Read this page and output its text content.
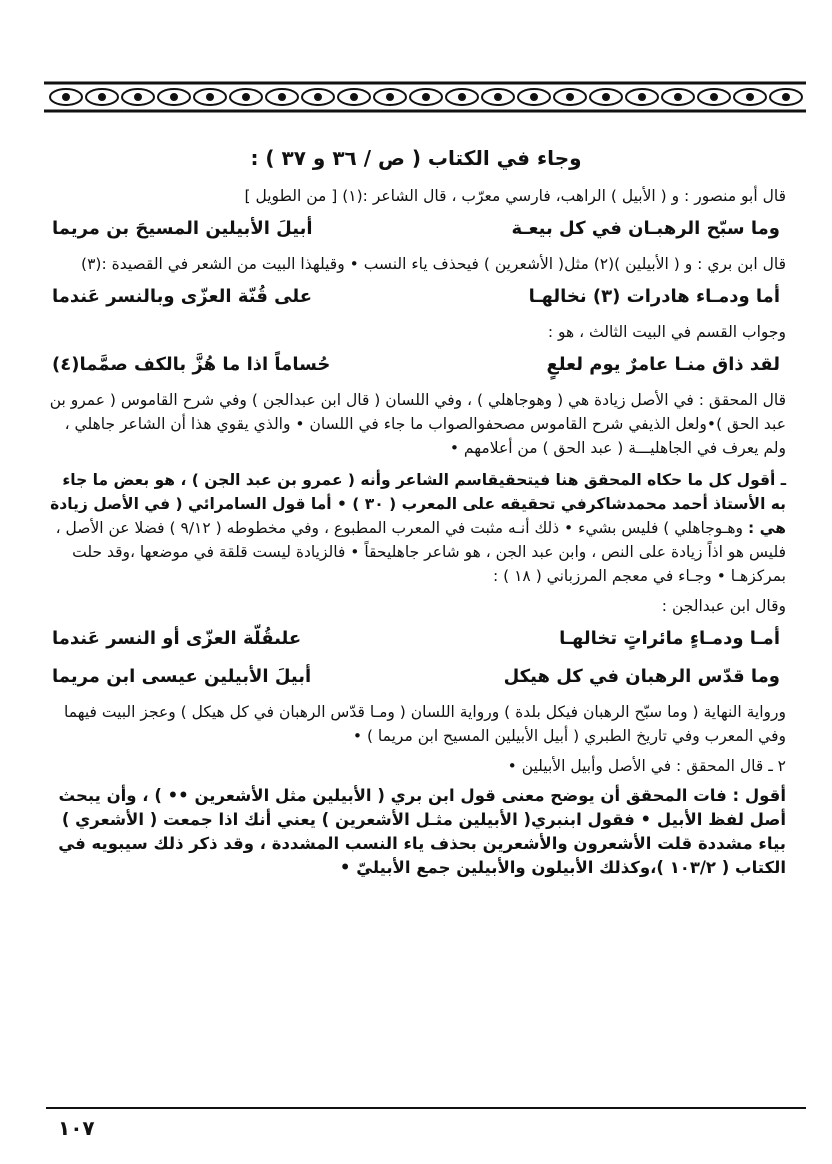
وجاء في الكتاب ( ص / ٣٦ و ٣٧ ) :

قال أبو منصور : و ( الأبيل ) الراهب، فارسي معرّب ، قال الشاعر :(١) [ من الطويل ]

وما سبّح الرهبـان في كل بيعـة
أبيلَ الأبيلين المسيحَ بن مريما

قال ابن بري : و ( الأبيلين )(٢) مثل( الأشعرين ) فيحذف ياء النسب • وقيلهذا البيت من الشعر في القصيدة :(٣)

أما ودمـاء هادرات (٣) نخالهـا
على قُنّة العزّى وبالنسر عَندما

وجواب القسم في البيت الثالث ، هو :

لقد ذاق منـا عامرٌ يوم لعلعٍ
حُساماً اذا ما هُزَّ بالكف صمَّما(٤)

قال المحقق : في الأصل زيادة هي ( وهوجاهلي ) ، وفي اللسان ( قال ابن عبدالجن ) وفي شرح القاموس ( عمرو بن عبد الحق )•ولعل الذيفي شرح القاموس مصحفوالصواب ما جاء في اللسان • والذي يقوي هذا أن الشاعر جاهلي ، ولم يعرف في الجاهليـــة ( عبد الحق ) من أعلامهم •

ـ أقول كل ما حكاه المحقق هنا فيتحقيقاسم الشاعر وأنه ( عمرو بن عبد الجن ) ، هو بعض ما جاء به الأستاذ أحمد محمدشاكرفي تحقيقه على المعرب ( ٣٠ ) • أما قول السامرائي ( في الأصل زيادة هي : وهـوجاهلي ) فليس بشيء • ذلك أنـه مثبت في المعرب المطبوع ، وفي مخطوطه ( ٩/١٢ ) فضلا عن الأصل ، فليس هو اذاً زيادة على النص ، وابن عبد الجن ، هو شاعر جاهليحقاً • فالزيادة ليست قلقة في موضعها ،وقد حلت بمركزهـا • وجـاء في معجم المرزباني ( ١٨ ) :

وقال ابن عبدالجن :

أمـا ودمـاءٍ مائراتٍ تخالهـا
علىقُلّة العزّى أو النسر عَندما
وما قدّس الرهبان في كل هيكل
أبيلَ الأبيلين عيسى ابن مريما

ورواية النهاية ( وما سبّح الرهبان فيكل بلدة ) ورواية اللسان ( ومـا قدّس الرهبان في كل هيكل ) وعجز البيت فيهما وفي المعرب وفي تاريخ الطبري ( أبيل الأبيلين المسيح ابن مريما ) •

٢ ـ قال المحقق : في الأصل وأبيل الأبيلين •

أقول : فات المحقق أن يوضح معنى قول ابن بري ( الأبيلين مثل الأشعرين •• ) ، وأن يبحث أصل لفظ الأبيل • فقول ابنبري( الأبيلين مثـل الأشعرين ) يعني أنك اذا جمعت ( الأشعري ) بياء مشددة قلت الأشعرون والأشعرين بحذف ياء النسب المشددة ، وقد ذكر ذلك سيبويه في الكتاب ( ١٠٣/٢ )،وكذلك الأبيلون والأبيلين جمع الأبيليّ •

١٠٧
